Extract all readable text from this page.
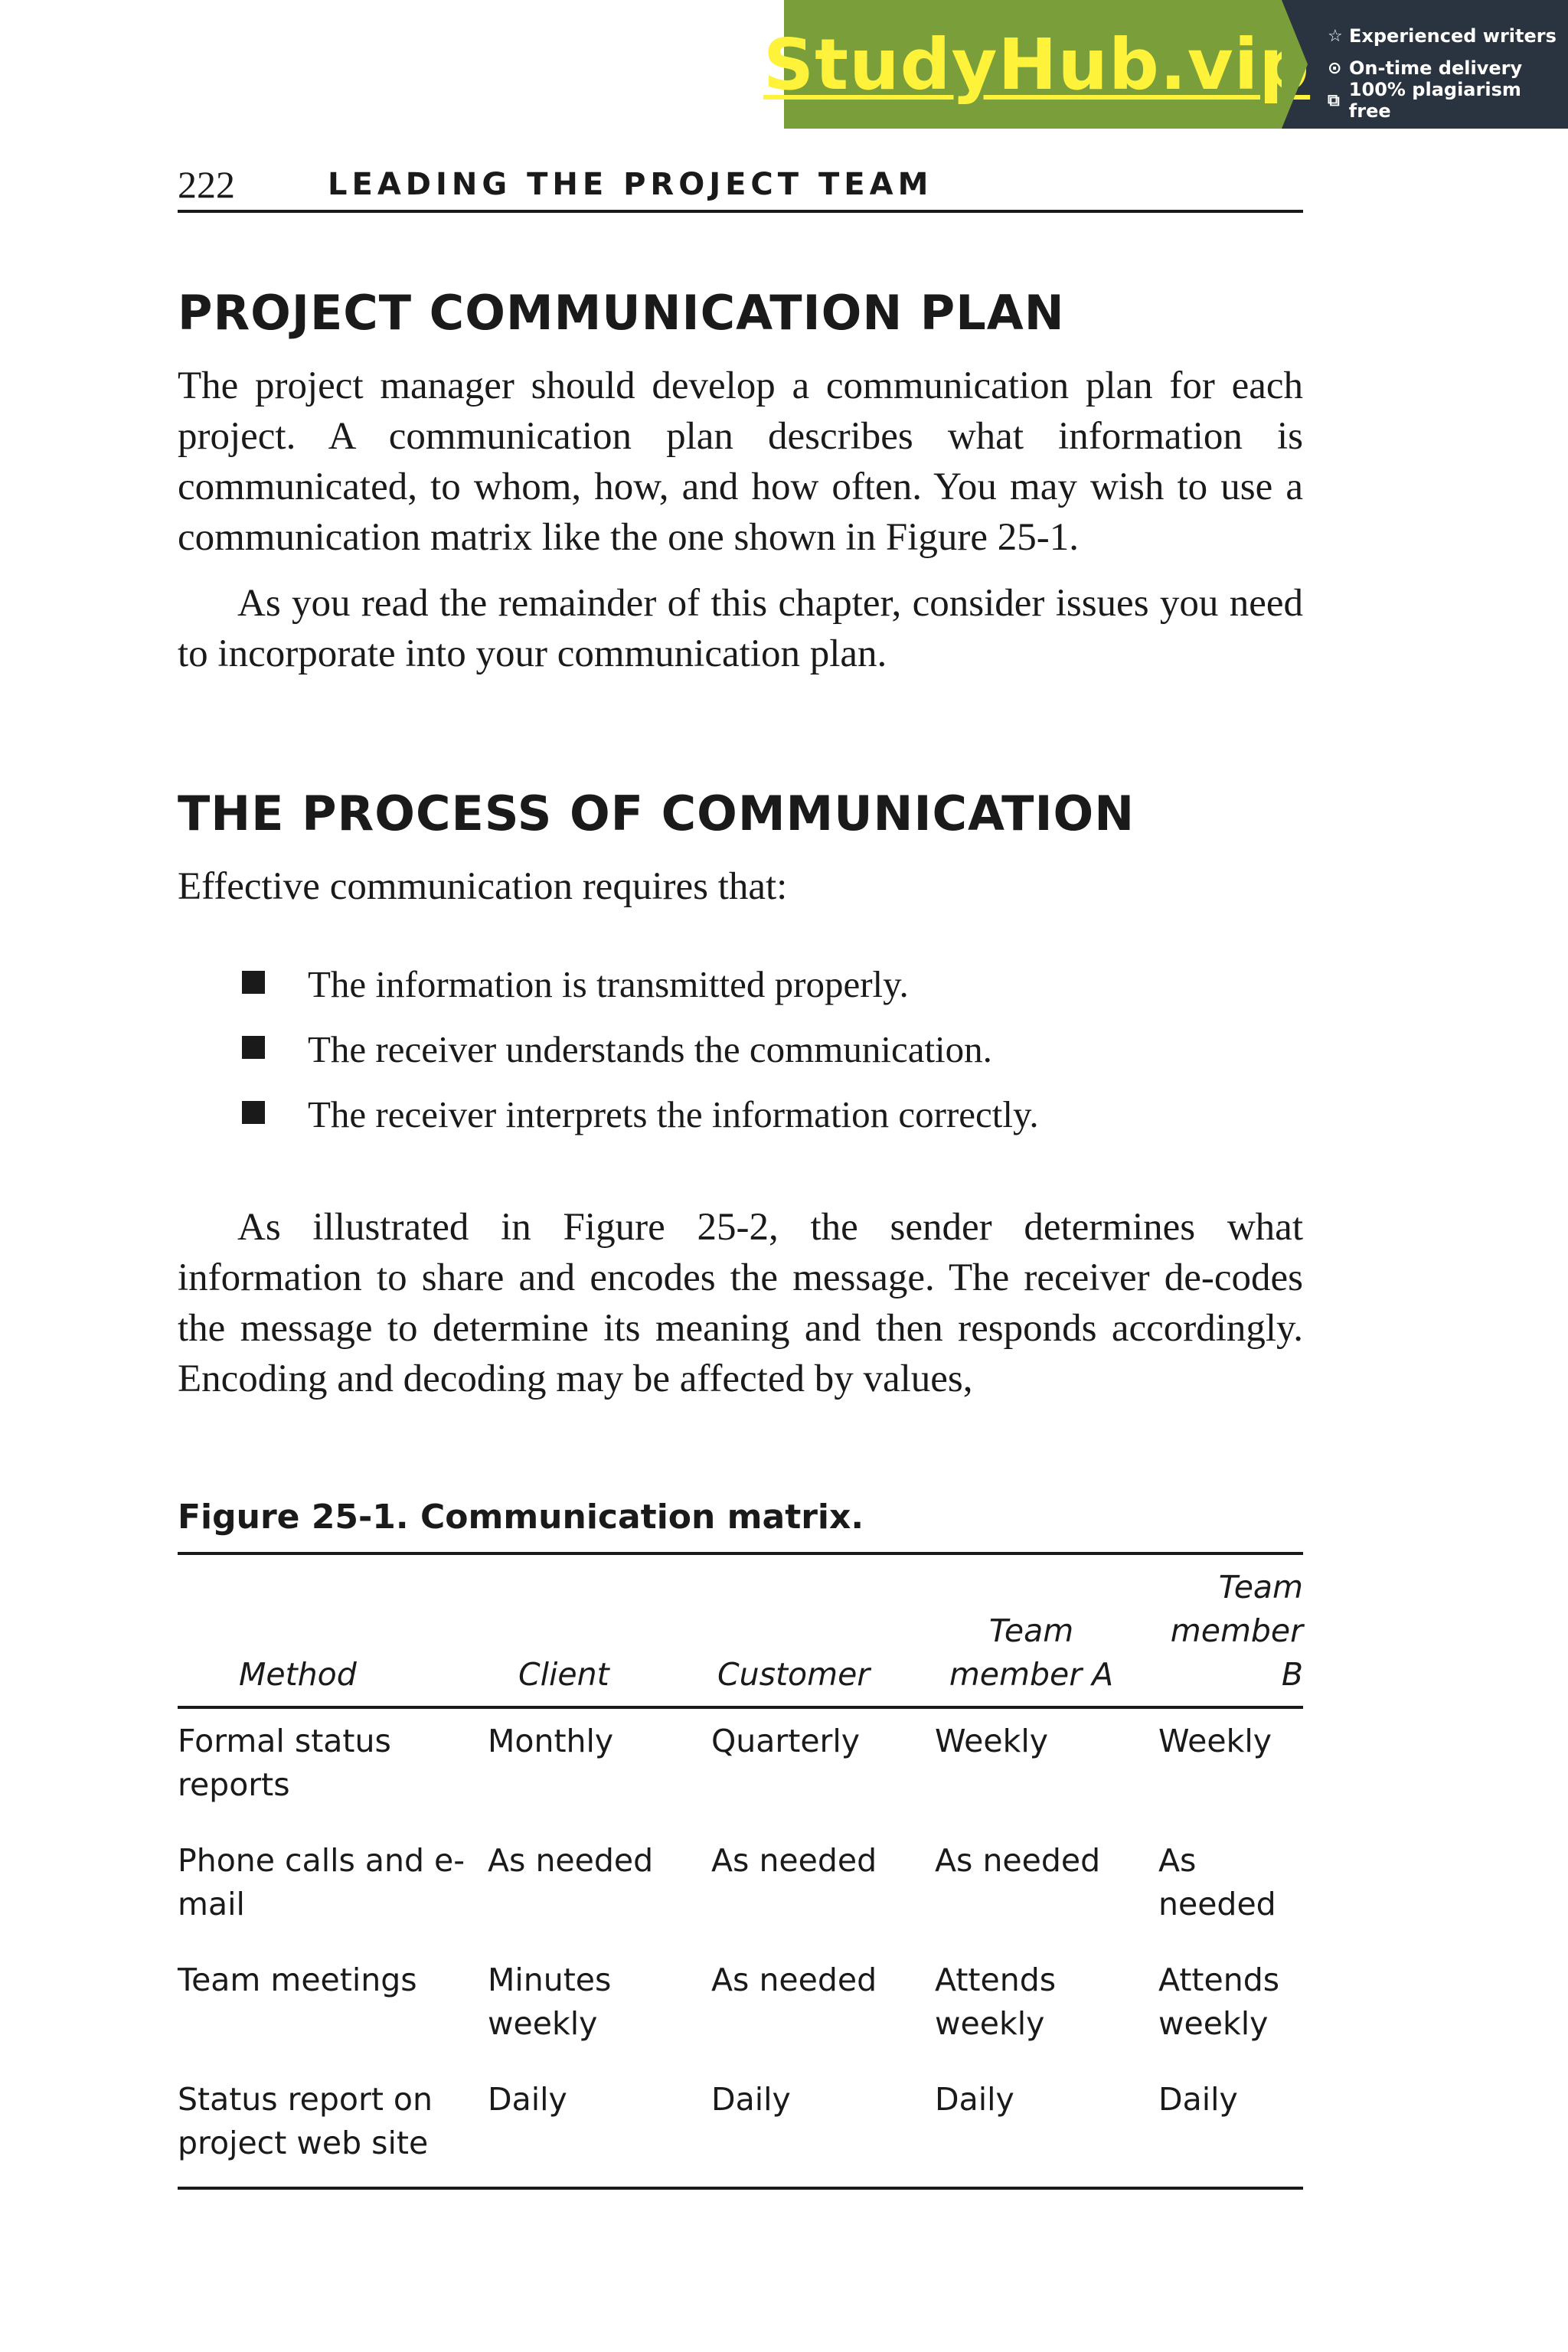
StudyHub.vip ☆ Experienced writers
⊙ On-time delivery
⧉ 100% plagiarism free
222	LEADING THE PROJECT TEAM
PROJECT COMMUNICATION PLAN

The project manager should develop a communication plan for each project. A communication plan describes what information is communicated, to whom, how, and how often. You may wish to use a communication matrix like the one shown in Figure 25-1.

As you read the remainder of this chapter, consider issues you need to incorporate into your communication plan.

THE PROCESS OF COMMUNICATION

Effective communication requires that:

The information is transmitted properly.
The receiver understands the communication.
The receiver interprets the information correctly.

As illustrated in Figure 25-2, the sender determines what information to share and encodes the message. The receiver de-codes the message to determine its meaning and then responds accordingly. Encoding and decoding may be affected by values,

Figure 25-1. Communication matrix.
Method	Client	Customer	Team member A	Team member B
Formal status reports	Monthly	Quarterly	Weekly	Weekly
Phone calls and e-mail	As needed	As needed	As needed	As needed
Team meetings	Minutes weekly	As needed	Attends weekly	Attends weekly
Status report on project web site	Daily	Daily	Daily	Daily
